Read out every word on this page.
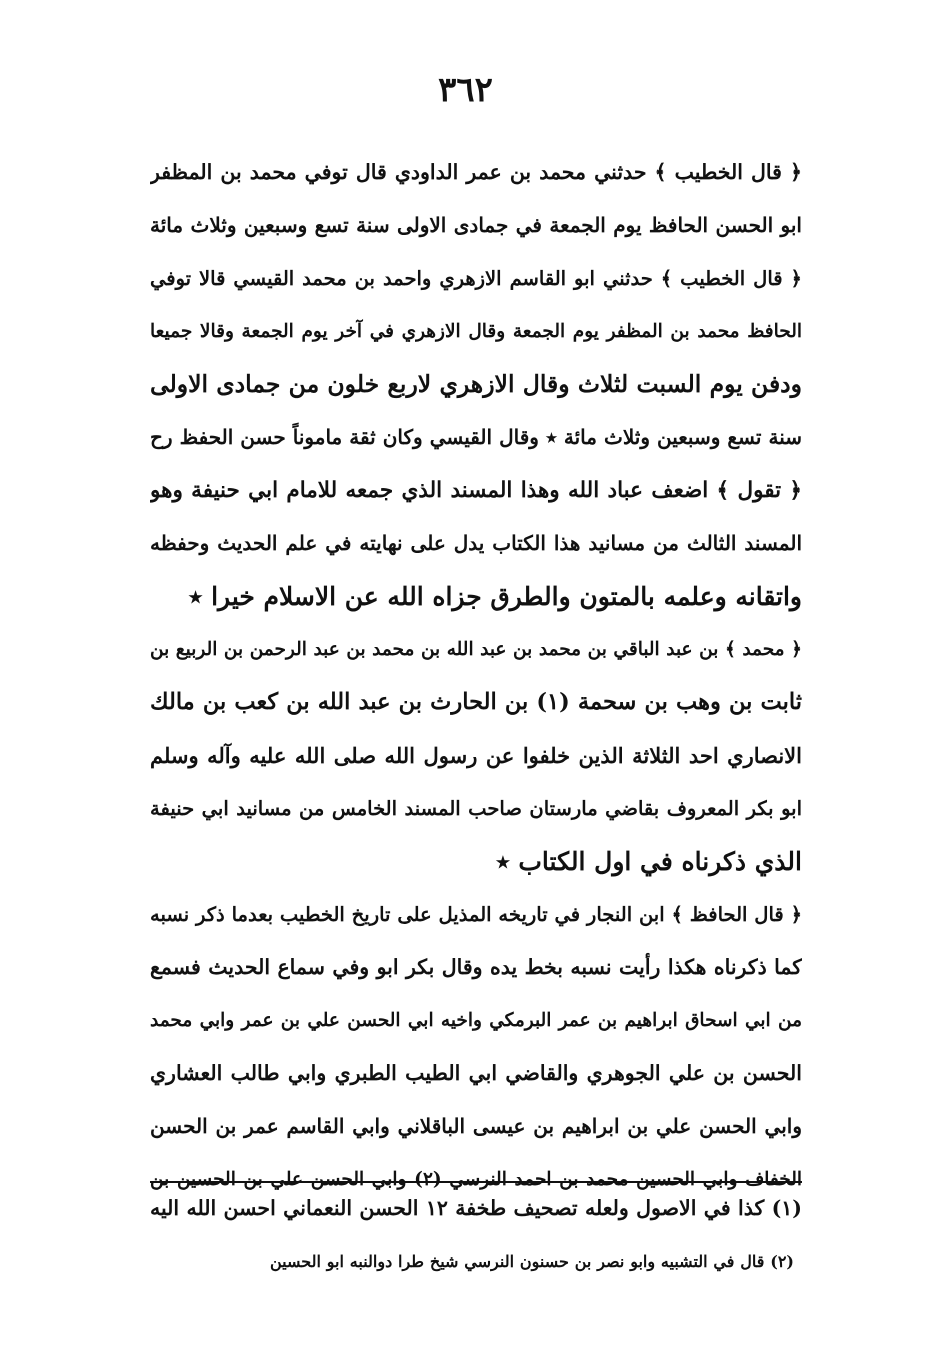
٣٦٢
﴿ قال الخطيب ﴾ حدثني محمد بن عمر الداودي قال توفي محمد بن المظفر
ابو الحسن الحافظ يوم الجمعة في جمادى الاولى سنة تسع وسبعين وثلاث مائة
﴿ قال الخطيب ﴾ حدثني ابو القاسم الازهري واحمد بن محمد القيسي قالا توفي
الحافظ محمد بن المظفر يوم الجمعة وقال الازهري في آخر يوم الجمعة وقالا جميعا
ودفن يوم السبت لثلاث وقال الازهري لاربع خلون من جمادى الاولى
سنة تسع وسبعين وثلاث مائة ٭ وقال القيسي وكان ثقة ماموناً حسن الحفظ رح
﴿ تقول ﴾ اضعف عباد الله وهذا المسند الذي جمعه للامام ابي حنيفة وهو
المسند الثالث من مسانيد هذا الكتاب يدل على نهايته في علم الحديث وحفظه
واتقانه وعلمه بالمتون والطرق جزاه الله عن الاسلام خيرا ٭
﴿ محمد ﴾ بن عبد الباقي بن محمد بن عبد الله بن محمد بن عبد الرحمن بن الربيع بن
ثابت بن وهب بن سحمة (١) بن الحارث بن عبد الله بن كعب بن مالك
الانصاري احد الثلاثة الذين خلفوا عن رسول الله صلى الله عليه وآله وسلم
ابو بكر المعروف بقاضي مارستان صاحب المسند الخامس من مسانيد ابي حنيفة
الذي ذكرناه في اول الكتاب ٭
﴿ قال الحافظ ﴾ ابن النجار في تاريخه المذيل على تاريخ الخطيب بعدما ذكر نسبه
كما ذكرناه هكذا رأيت نسبه بخط يده وقال بكر ابو وفي سماع الحديث فسمع
من ابي اسحاق ابراهيم بن عمر البرمكي واخيه ابي الحسن علي بن عمر وابي محمد
الحسن بن علي الجوهري والقاضي ابي الطيب الطبري وابي طالب العشاري
وابي الحسن علي بن ابراهيم بن عيسى الباقلاني وابي القاسم عمر بن الحسن
الخفاف وابي الحسين محمد بن احمد النرسي (٢) وابي الحسن علي بن الحسين بن
(١) كذا في الاصول ولعله تصحيف طخفة ١٢ الحسن النعماني احسن الله اليه
(٢) قال في التشبيه وابو نصر بن حسنون النرسي شيخ طرا دوالنبه ابو الحسين
